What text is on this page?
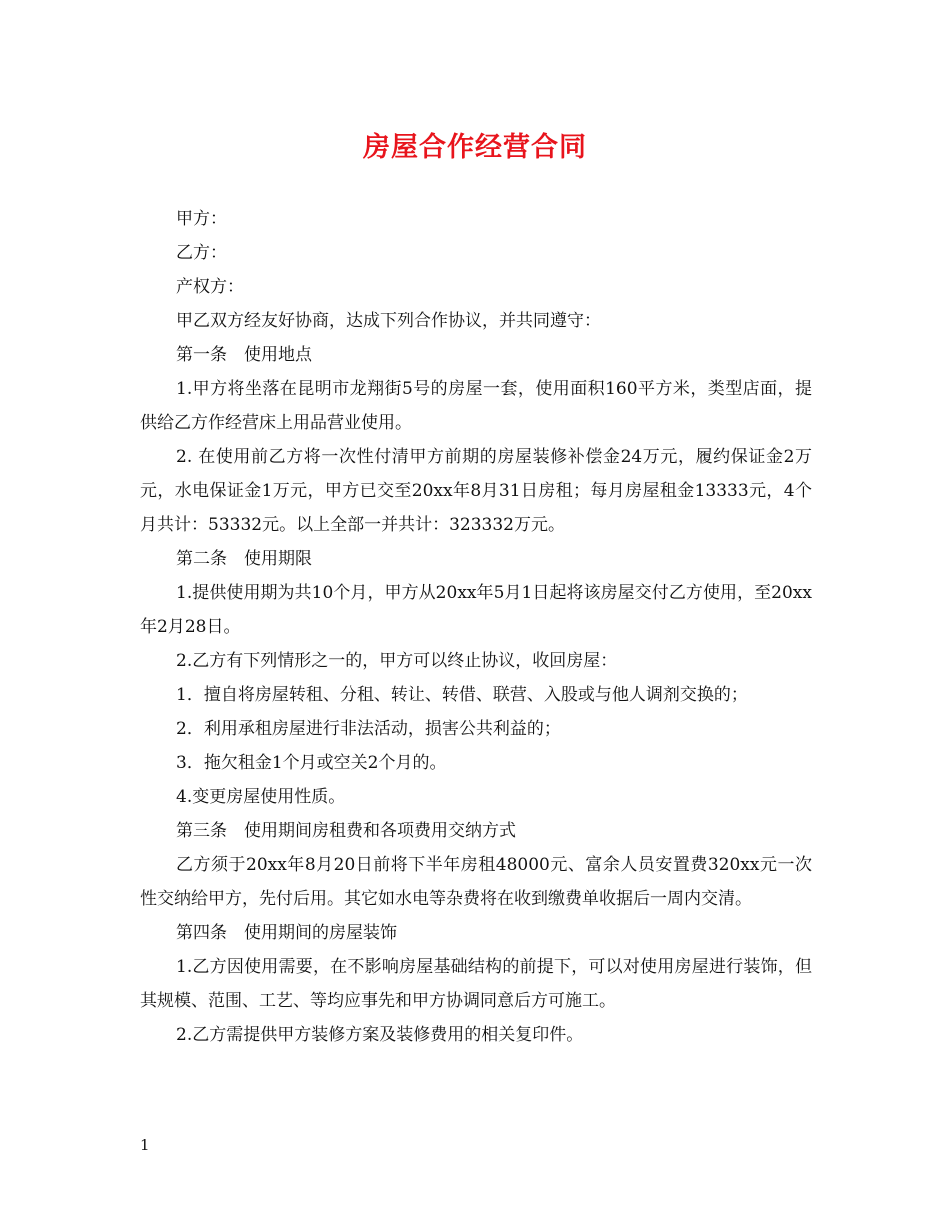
房屋合作经营合同

甲方：

乙方：

产权方：

甲乙双方经友好协商，达成下列合作协议，并共同遵守：

第一条　使用地点

1.甲方将坐落在昆明市龙翔街5号的房屋一套，使用面积160平方米，类型店面，提供给乙方作经营床上用品营业使用。

2. 在使用前乙方将一次性付清甲方前期的房屋装修补偿金24万元，履约保证金2万元，水电保证金1万元，甲方已交至20xx年8月31日房租；每月房屋租金13333元，4个月共计：53332元。以上全部一并共计：323332万元。

第二条　使用期限

1.提供使用期为共10个月，甲方从20xx年5月1日起将该房屋交付乙方使用，至20xx年2月28日。

2.乙方有下列情形之一的，甲方可以终止协议，收回房屋：

1．擅自将房屋转租、分租、转让、转借、联营、入股或与他人调剂交换的；

2．利用承租房屋进行非法活动，损害公共利益的；

3．拖欠租金1个月或空关2个月的。

4.变更房屋使用性质。

第三条　使用期间房租费和各项费用交纳方式

乙方须于20xx年8月20日前将下半年房租48000元、富余人员安置费320xx元一次性交纳给甲方，先付后用。其它如水电等杂费将在收到缴费单收据后一周内交清。

第四条　使用期间的房屋装饰

1.乙方因使用需要，在不影响房屋基础结构的前提下，可以对使用房屋进行装饰，但其规模、范围、工艺、等均应事先和甲方协调同意后方可施工。

2.乙方需提供甲方装修方案及装修费用的相关复印件。

1
